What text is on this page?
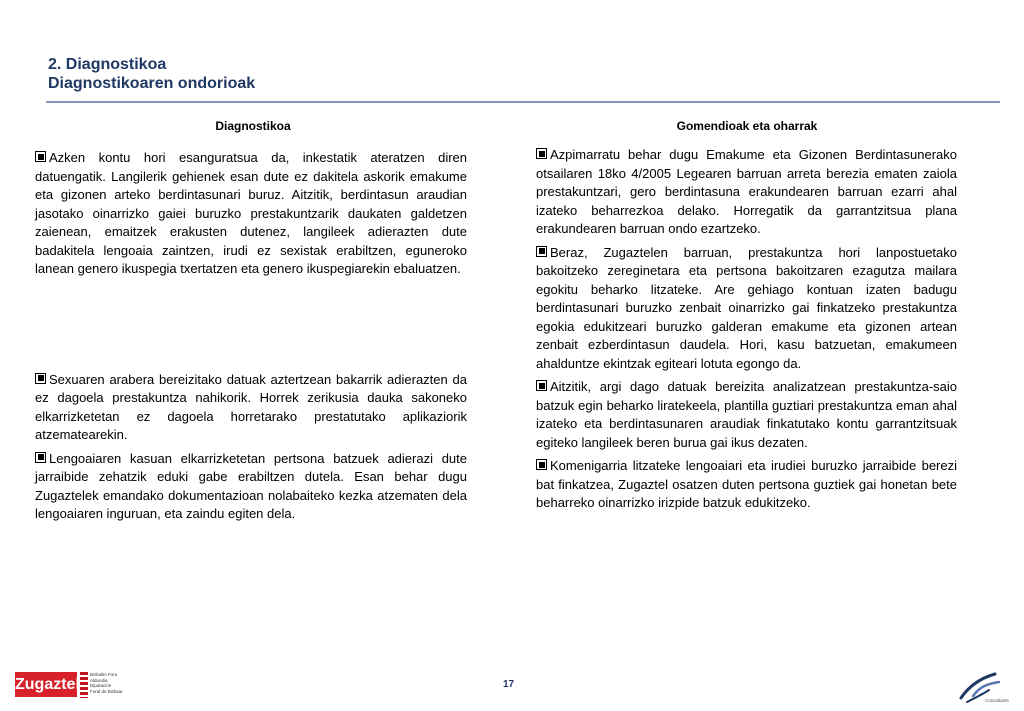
2. Diagnostikoa
Diagnostikoaren ondorioak
Diagnostikoa	Gomendioak eta oharrak

Azken kontu hori esanguratsua da, inkestatik ateratzen diren datuengatik. Langilerik gehienek esan dute ez dakitela askorik emakume eta gizonen arteko berdintasunari buruz. Aitzitik, berdintasun araudian jasotako oinarrizko gaiei buruzko prestakuntzarik daukaten galdetzen zaienean, emaitzek erakusten dutenez, langileek adierazten dute badakitela lengoaia zaintzen, irudi ez sexistak erabiltzen, eguneroko lanean genero ikuspegia txertatzen eta genero ikuspegiarekin ebaluatzen.

Sexuaren arabera bereizitako datuak aztertzean bakarrik adierazten da ez dagoela prestakuntza nahikorik. Horrek zerikusia dauka sakoneko elkarrizketetan ez dagoela horretarako prestatutako aplikaziorik atzematearekin.

Lengoaiaren kasuan elkarrizketetan pertsona batzuek adierazi dute jarraibide zehatzik eduki gabe erabiltzen dutela. Esan behar dugu Zugaztelek emandako dokumentazioan nolabaiteko kezka atzematen dela lengoaiaren inguruan, eta zaindu egiten dela.

Azpimarratu behar dugu Emakume eta Gizonen Berdintasunerako otsailaren 18ko 4/2005 Legearen barruan arreta berezia ematen zaiola prestakuntzari, gero berdintasuna erakundearen barruan ezarri ahal izateko beharrezkoa delako. Horregatik da garrantzitsua plana erakundearen barruan ondo ezartzeko.

Beraz, Zugaztelen barruan, prestakuntza hori lanpostuetako bakoitzeko zereginetara eta pertsona bakoitzaren ezagutza mailara egokitu beharko litzateke. Are gehiago kontuan izaten badugu berdintasunari buruzko zenbait oinarrizko gai finkatzeko prestakuntza egokia edukitzeari buruzko galderan emakume eta gizonen artean zenbait ezberdintasun daudela. Hori, kasu batzuetan, emakumeen ahalduntze ekintzak egiteari lotuta egongo da.

Aitzitik, argi dago datuak bereizita analizatzean prestakuntza-saio batzuk egin beharko liratekeela, plantilla guztiari prestakuntza eman ahal izateko eta berdintasunaren araudiak finkatutako kontu garrantzitsuak egiteko langileek beren burua gai ikus dezaten.

Komenigarria litzateke lengoaiari eta irudiei buruzko jarraibide berezi bat finkatzea, Zugaztel osatzen duten pertsona guztiek gai honetan bete beharreko oinarrizko irizpide batzuk edukitzeko.

Zugaztel
Bizkaiko Foru
Aldundia
Diputación
Foral de Bizkaia
17
Consultants
